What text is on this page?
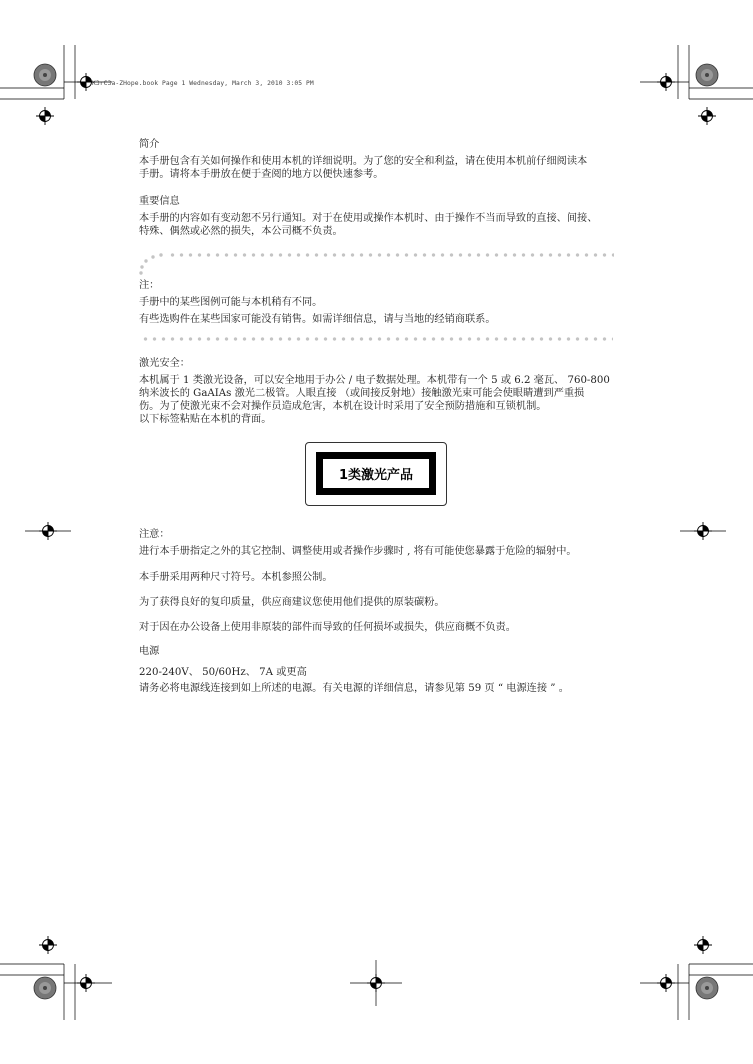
K3rC3a-ZHope.book Page 1 Wednesday, March 3, 2010 3:05 PM
简介
本手册包含有关如何操作和使用本机的详细说明。为了您的安全和利益，请在使用本机前仔细阅读本
手册。请将本手册放在便于查阅的地方以便快速参考。
重要信息
本手册的内容如有变动恕不另行通知。对于在使用或操作本机时、由于操作不当而导致的直接、间接、
特殊、偶然或必然的损失，本公司概不负责。
注：
手册中的某些图例可能与本机稍有不同。
有些选购件在某些国家可能没有销售。如需详细信息，请与当地的经销商联系。
激光安全：
本机属于 1 类激光设备，可以安全地用于办公 / 电子数据处理。本机带有一个 5 或 6.2 毫瓦、 760-800
纳米波长的 GaAIAs 激光二极管。人眼直接 （或间接反射地）接触激光束可能会使眼睛遭到严重损
伤。为了使激光束不会对操作员造成危害，本机在设计时采用了安全预防措施和互锁机制。
以下标签粘贴在本机的背面。
1类激光产品
注意：
进行本手册指定之外的其它控制、调整使用或者操作步骤时 , 将有可能使您暴露于危险的辐射中。
本手册采用两种尺寸符号。本机参照公制。
为了获得良好的复印质量，供应商建议您使用他们提供的原装碳粉。
对于因在办公设备上使用非原装的部件而导致的任何损坏或损失，供应商概不负责。
电源
220-240V、 50/60Hz、 7A 或更高
请务必将电源线连接到如上所述的电源。有关电源的详细信息，请参见第 59 页 “ 电源连接 ” 。
